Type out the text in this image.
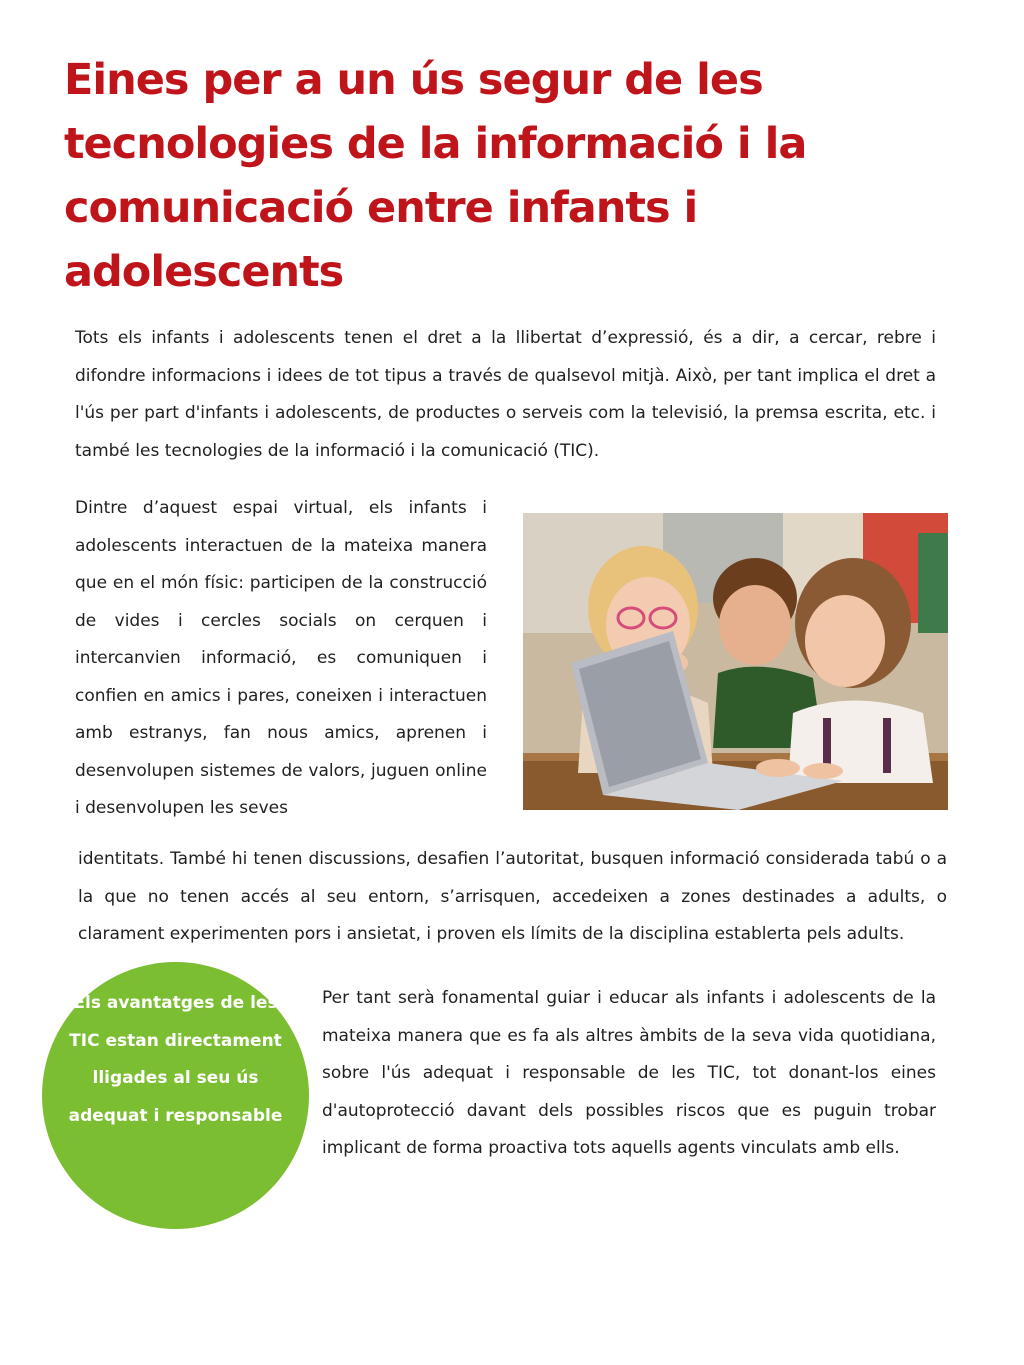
Eines per a un ús segur de les tecnologies de la informació i la comunicació entre infants i adolescents

Tots els infants i adolescents tenen el dret a la llibertat d’expressió, és a dir, a cercar, rebre i difondre informacions i idees de tot tipus a través de qualsevol mitjà. Això, per tant implica el dret a l'ús per part d'infants i adolescents, de productes o serveis com la televisió, la premsa escrita, etc. i també les tecnologies de la informació i la comunicació (TIC).

Dintre d’aquest espai virtual, els infants i adolescents interactuen de la mateixa manera que en el món físic: participen de la construcció de vides i cercles socials on cerquen i intercanvien informació, es comuniquen i confien en amics i pares, coneixen i interactuen amb estranys, fan nous amics, aprenen i desenvolupen sistemes de valors, juguen online i desenvolupen les seves

identitats. També hi tenen discussions, desafien l’autoritat, busquen informació considerada tabú o a la que no tenen accés al seu entorn, s’arrisquen, accedeixen a zones destinades a adults, o clarament experimenten pors i ansietat, i proven els límits de la disciplina establerta pels adults.

Els avantatges de les TIC estan directament lligades al seu ús adequat i responsable

Per tant serà fonamental guiar i educar als infants i adolescents de la mateixa manera que es fa als altres àmbits de la seva vida quotidiana, sobre l'ús adequat i responsable de les TIC, tot donant-los eines d'autoprotecció davant dels possibles riscos que es puguin trobar implicant de forma proactiva tots aquells agents vinculats amb ells.
